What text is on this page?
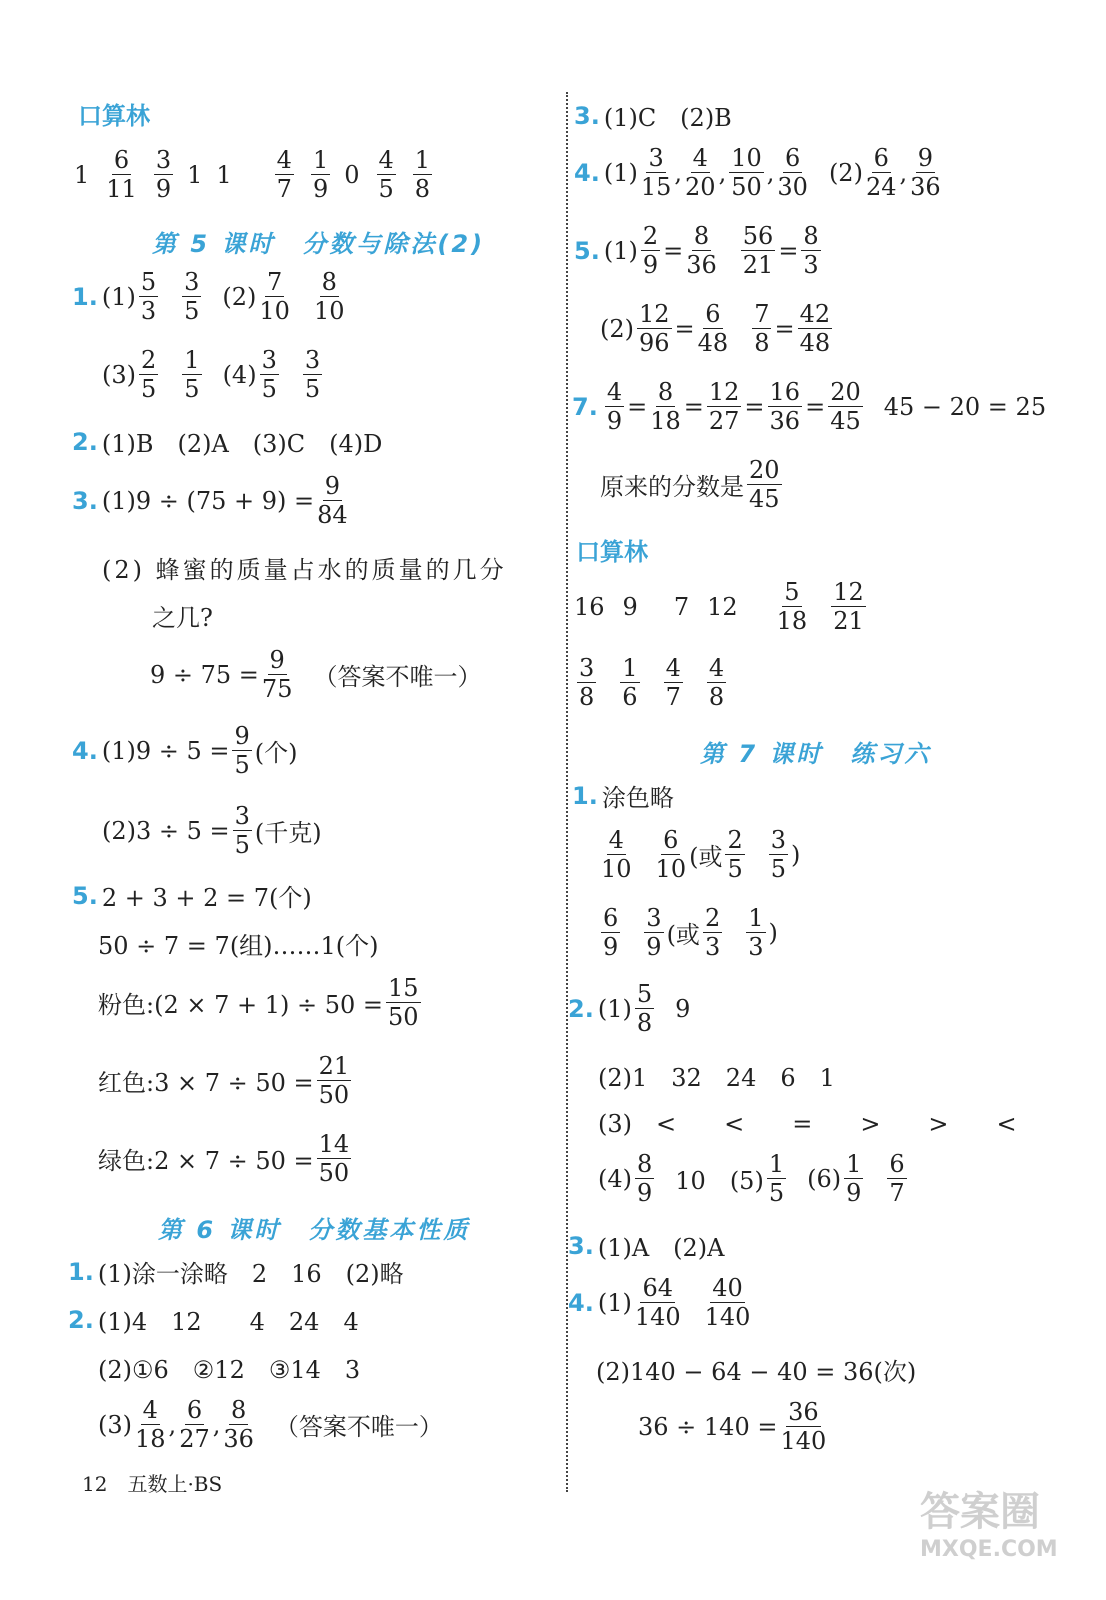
口算林
$1 \frac{6}{11} \frac{3}{9} 1$ $1 \frac{4}{7} \frac{1}{9} 0 \frac{4}{5} \frac{1}{8}$
第 5 课时　分数与除法(2)
1. $(1) \frac{5}{3} \frac{3}{5} (2) \frac{7}{10} \frac{8}{10}$
$(3) \frac{2}{5} \frac{1}{5} (4) \frac{3}{5} \frac{3}{5}$
2. (1)B　(2)A　(3)C　(4)D
3. $(1)9 \div (75 + 9) = \frac{9}{84}$
(2) 蜂蜜的质量占水的质量的几分
之几?
$9 \div 75 = \frac{9}{75}$ （答案不唯一）
4. $(1)9 \div 5 = \frac{9}{5}$ (个)
$(2)3 \div 5 = \frac{3}{5}$ (千克)
5. 2 + 3 + 2 = 7(个)
50 ÷ 7 = 7(组)……1(个)
粉色:(2 × $7 + 1) \div 50 = \frac{15}{50}$
红色:3 × $7 \div 50 = \frac{21}{50}$
绿色:2 × $7 \div 50 = \frac{14}{50}$
第 6 课时　分数基本性质
1. (1)涂一涂略　2　16　(2)略
2. (1)4　12　　4　24　4
(2)①6　②12　③14　3
$(3) \frac{4}{18}$ , $\frac{6}{27}$ , $\frac{8}{36}$ （答案不唯一）
3. (1)C　(2)B
4. $(1) \frac{3}{15}$ , $\frac{4}{20}$ , $\frac{10}{50}$ , $\frac{6}{30} (2) \frac{6}{24}$ , $\frac{9}{36}$
5. $(1) \frac{2}{9} = \frac{8}{36} \frac{56}{21} = \frac{8}{3}$
$(2) \frac{12}{96} = \frac{6}{48} \frac{7}{8} = \frac{42}{48}$
7. $\frac{4}{9} = \frac{8}{18} = \frac{12}{27} = \frac{16}{36} = \frac{20}{45} 45 - 20 = 25$
原来的分数是 $\frac{20}{45}$
口算林
16 9 7 $12 \frac{5}{18} \frac{12}{21}$
$\frac{3}{8} \frac{1}{6} \frac{4}{7} \frac{4}{8}$
第 7 课时　练习六
1. 涂色略
$\frac{4}{10} \frac{6}{10}$ (或 $\frac{2}{5} \frac{3}{5}$ )
$\frac{6}{9} \frac{3}{9}$ (或 $\frac{2}{3} \frac{1}{3}$ )
2. $(1) \frac{5}{8} 9$
(2)1　32　24　6　1
(3)　<　　<　　=　　>　　>　　<
$(4) \frac{8}{9} 10$　$(5) \frac{1}{5} (6) \frac{1}{9} \frac{6}{7}$
3. (1)A　(2)A
4. $(1) \frac{64}{140} \frac{40}{140}$
(2)140 − 64 − 40 = 36(次)
$36 \div 140 = \frac{36}{140}$
12　五数上·BS
答案圈
MXQE.COM
